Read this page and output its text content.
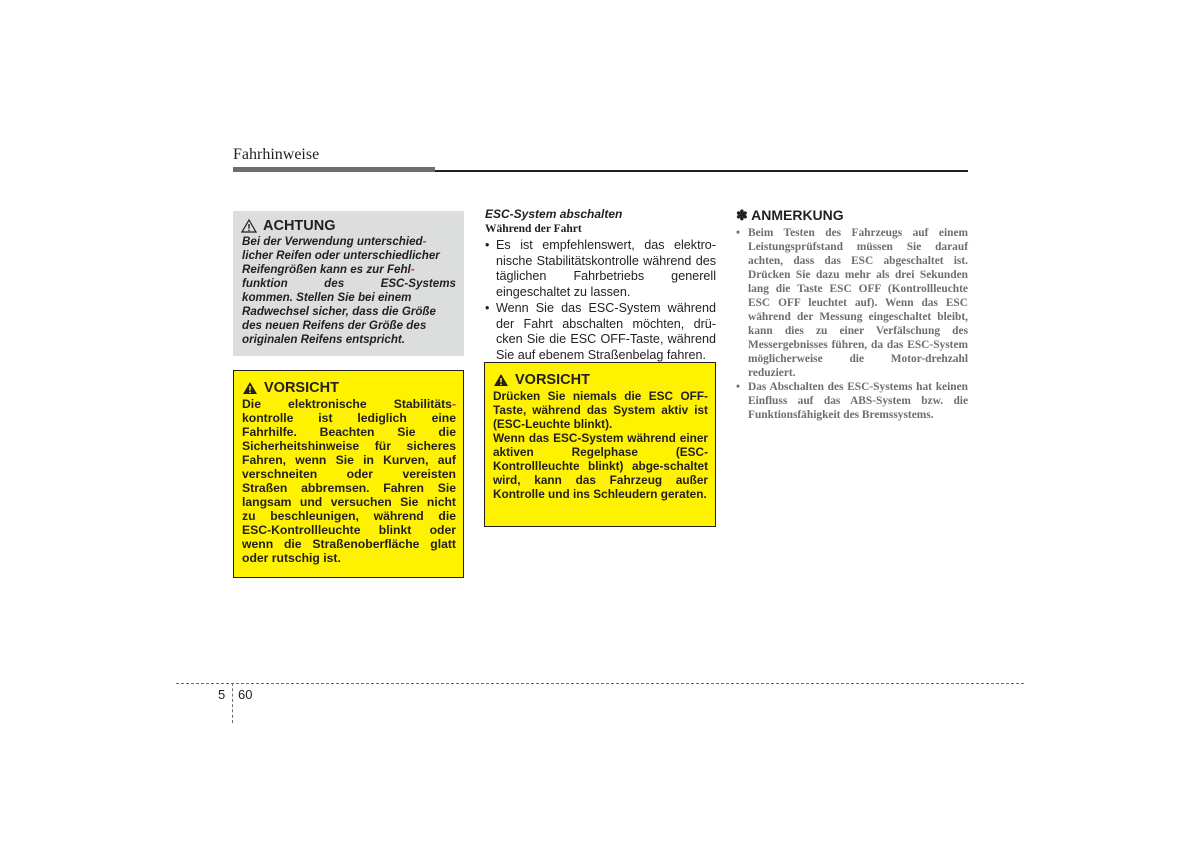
Fahrhinweise
ACHTUNG
Bei der Verwendung unterschied-
licher Reifen oder unterschiedlicher
Reifengrößen kann es zur Fehl-
funktion des ESC-Systems
kommen. Stellen Sie bei einem
Radwechsel sicher, dass die Größe
des neuen Reifens der Größe des
originalen Reifens entspricht.
VORSICHT
Die elektronische Stabilitäts-
kontrolle ist lediglich eine
Fahrhilfe. Beachten Sie die
Sicherheitshinweise für sicheres
Fahren, wenn Sie in Kurven, auf
verschneiten oder vereisten
Straßen abbremsen. Fahren Sie
langsam und versuchen Sie nicht
zu beschleunigen, während die
ESC-Kontrollleuchte blinkt oder
wenn die Straßenoberfläche glatt
oder rutschig ist.
ESC-System abschalten
Während der Fahrt
• Es ist empfehlenswert, das elektro-nische Stabilitätskontrolle während des täglichen Fahrbetriebs generell eingeschaltet zu lassen.
• Wenn Sie das ESC-System während der Fahrt abschalten möchten, drü-cken Sie die ESC OFF-Taste, während Sie auf ebenem Straßenbelag fahren.
VORSICHT
Drücken Sie niemals die ESC OFF-Taste, während das System aktiv ist (ESC-Leuchte blinkt).
Wenn das ESC-System während einer aktiven Regelphase (ESC-Kontrollleuchte blinkt) abge-schaltet wird, kann das Fahrzeug außer Kontrolle und ins Schleudern geraten.
✽ ANMERKUNG
• Beim Testen des Fahrzeugs auf einem Leistungsprüfstand müssen Sie darauf achten, dass das ESC abgeschaltet ist. Drücken Sie dazu mehr als drei Sekunden lang die Taste ESC OFF (Kontrollleuchte ESC OFF leuchtet auf). Wenn das ESC während der Messung eingeschaltet bleibt, kann dies zu einer Verfälschung des Messergebnisses führen, da das ESC-System möglicherweise die Motor-drehzahl reduziert.
• Das Abschalten des ESC-Systems hat keinen Einfluss auf das ABS-System bzw. die Funktionsfähigkeit des Bremssystems.
5 60
